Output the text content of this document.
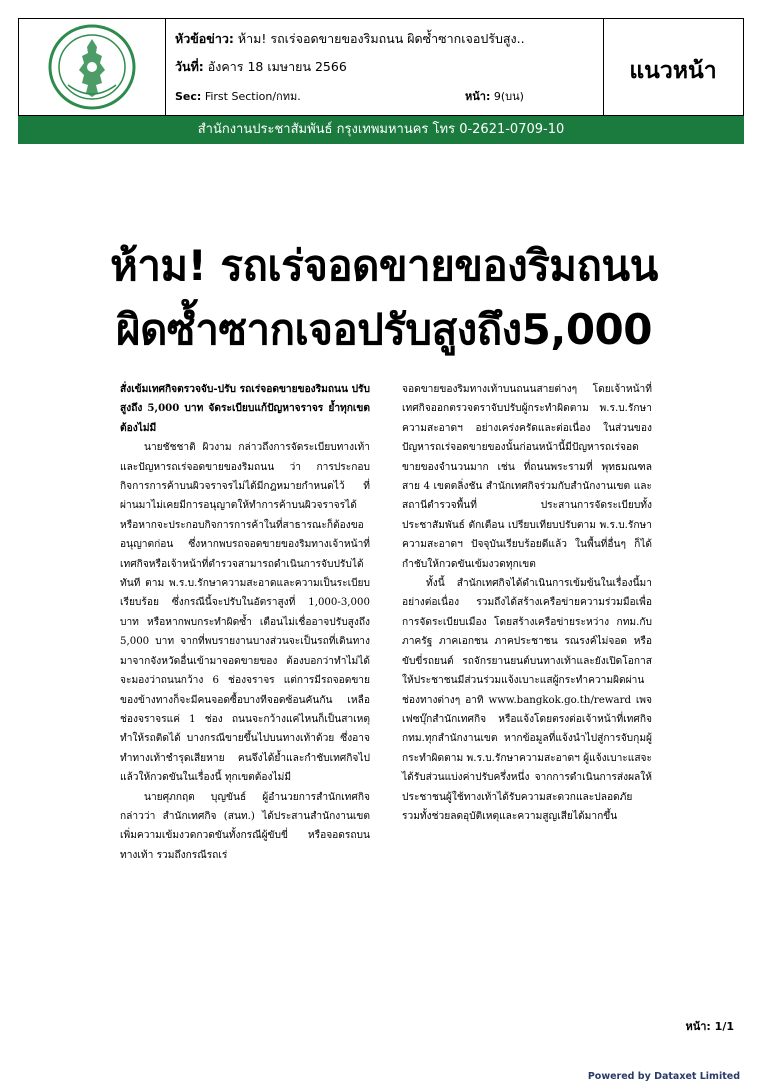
หัวข้อข่าว: ห้าม! รถเร่จอดขายของริมถนน ผิดซ้ำซากเจอปรับสูง..
วันที่: อังคาร 18 เมษายน 2566
Sec: First Section/กทม.	หน้า: 9(บน)
แนวหน้า
สำนักงานประชาสัมพันธ์ กรุงเทพมหานคร โทร 0-2621-0709-10
ห้าม! รถเร่จอดขายของริมถนน
ผิดซ้ำซากเจอปรับสูงถึง5,000

สั่งเข้มเทศกิจตรวจจับ-ปรับ รถเร่จอดขายของริมถนน ปรับสูงถึง 5,000 บาท จัดระเบียบแก้ปัญหาจราจร ย้ำทุกเขตต้องไม่มี

นายชัชชาติ ผิวงาม กล่าวถึงการจัดระเบียบทางเท้าและปัญหารถเร่จอดขายของริมถนน ว่า การประกอบกิจการการค้าบนผิวจราจรไม่ได้มีกฎหมายกำหนดไว้ ที่ผ่านมาไม่เคยมีการอนุญาตให้ทำการค้าบนผิวจราจรได้ หรือหากจะประกอบกิจการการค้าในที่สาธารณะก็ต้องขออนุญาตก่อน ซึ่งหากพบรถจอดขายของริมทางเจ้าหน้าที่เทศกิจหรือเจ้าหน้าที่ตำรวจสามารถดำเนินการจับปรับได้ทันที ตาม พ.ร.บ.รักษาความสะอาดและความเป็นระเบียบเรียบร้อย ซึ่งกรณีนี้จะปรับในอัตราสูงที่ 1,000-3,000 บาท หรือหากพบกระทำผิดซ้ำ เตือนไม่เชื่ออาจปรับสูงถึง 5,000 บาท จากที่พบรายงานบางส่วนจะเป็นรถที่เดินทางมาจากจังหวัดอื่นเข้ามาจอดขายของ ต้องบอกว่าทำไม่ได้ จะมองว่าถนนกว้าง 6 ช่องจราจร แต่การมีรถจอดขายของข้างทางก็จะมีคนจอดซื้อบางทีจอดซ้อนคันกัน เหลือช่องจราจรแค่ 1 ช่อง ถนนจะกว้างแค่ไหนก็เป็นสาเหตุทำให้รถติดได้ บางกรณีขายขึ้นไปบนทางเท้าด้วย ซึ่งอาจทำทางเท้าชำรุดเสียหาย คนจึงได้ย้ำและกำชับเทศกิจไปแล้วให้กวดขันในเรื่องนี้ ทุกเขตต้องไม่มี

นายศุภกฤต บุญขันธ์ ผู้อำนวยการสำนักเทศกิจ กล่าวว่า สำนักเทศกิจ (สนท.) ได้ประสานสำนักงานเขตเพิ่มความเข้มงวดกวดขันทั้งกรณีผู้ขับขี่ หรือจอดรถบนทางเท้า รวมถึงกรณีรถเร่

จอดขายของริมทางเท้าบนถนนสายต่างๆ โดยเจ้าหน้าที่เทศกิจออกตรวจตราจับปรับผู้กระทำผิดตาม พ.ร.บ.รักษาความสะอาดฯ อย่างเคร่งครัดและต่อเนื่อง ในส่วนของปัญหารถเร่จอดขายของนั้นก่อนหน้านี้มีปัญหารถเร่จอดขายของจำนวนมาก เช่น ที่ถนนพระรามที่ พุทธมณฑล สาย 4 เขตตลิ่งชัน สำนักเทศกิจร่วมกับสำนักงานเขต และสถานีตำรวจพื้นที่ ประสานการจัดระเบียบทั้งประชาสัมพันธ์ ตักเตือน เปรียบเทียบปรับตาม พ.ร.บ.รักษาความสะอาดฯ ปัจจุบันเรียบร้อยดีแล้ว ในพื้นที่อื่นๆ ก็ได้กำชับให้กวดขันเข้มงวดทุกเขต

ทั้งนี้ สำนักเทศกิจได้ดำเนินการเข้มข้นในเรื่องนี้มาอย่างต่อเนื่อง รวมถึงได้สร้างเครือข่ายความร่วมมือเพื่อการจัดระเบียบเมือง โดยสร้างเครือข่ายระหว่าง กทม.กับภาครัฐ ภาคเอกชน ภาคประชาชน รณรงค์ไม่จอด หรือขับขี่รถยนต์ รถจักรยานยนต์บนทางเท้าและยังเปิดโอกาสให้ประชาชนมีส่วนร่วมแจ้งเบาะแสผู้กระทำความผิดผ่านช่องทางต่างๆ อาทิ www.bangkok.go.th/reward เพจเฟซบุ๊กสำนักเทศกิจ หรือแจ้งโดยตรงต่อเจ้าหน้าที่เทศกิจ กทม.ทุกสำนักงานเขต หากข้อมูลที่แจ้งนำไปสู่การจับกุมผู้กระทำผิดตาม พ.ร.บ.รักษาความสะอาดฯ ผู้แจ้งเบาะแสจะได้รับส่วนแบ่งค่าปรับครึ่งหนึ่ง จากการดำเนินการส่งผลให้ประชาชนผู้ใช้ทางเท้าได้รับความสะดวกและปลอดภัย รวมทั้งช่วยลดอุบัติเหตุและความสูญเสียได้มากขึ้น

หน้า: 1/1
Powered by Dataxet Limited
